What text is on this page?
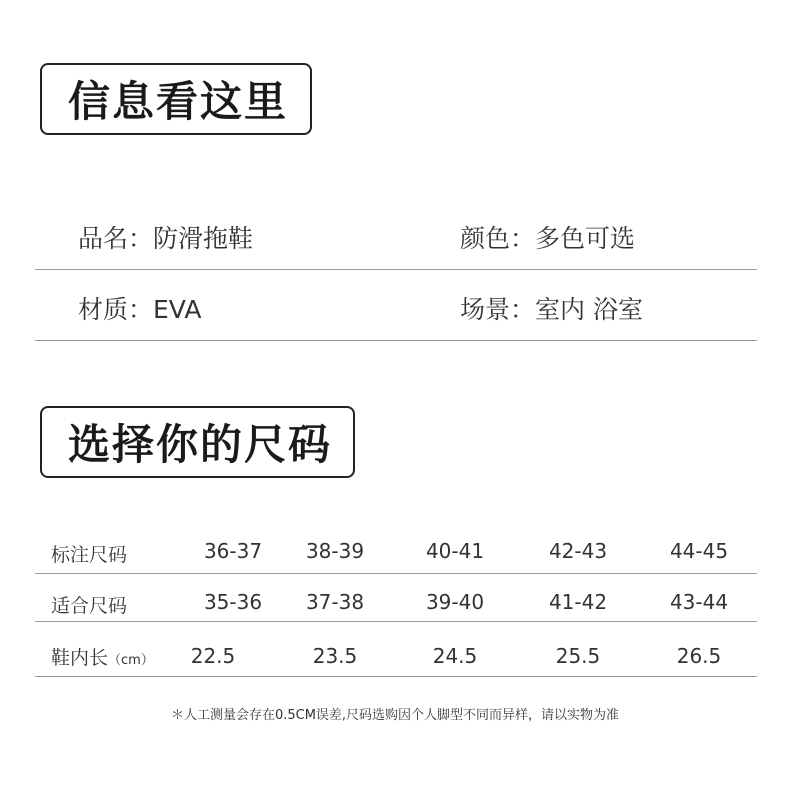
信息看这里
品名：防滑拖鞋	颜色：多色可选
材质：EVA	场景：室内 浴室
选择你的尺码
标注尺码	36-37	38-39	40-41	42-43	44-45
适合尺码	35-36	37-38	39-40	41-42	43-44
鞋内长（cm）	22.5	23.5	24.5	25.5	26.5
＊人工测量会存在0.5CM误差,尺码选购因个人脚型不同而异样，请以实物为准
